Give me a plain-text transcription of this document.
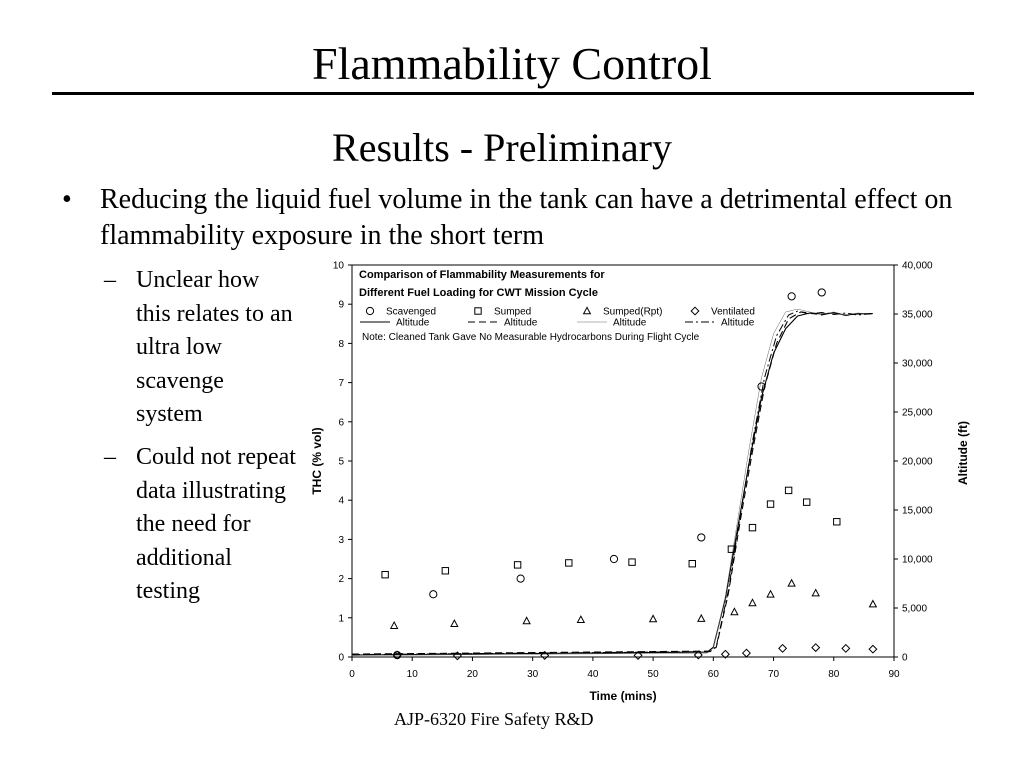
Flammability Control
Results - Preliminary
• Reducing the liquid fuel volume in the tank can have a detrimental effect on flammability exposure in the short term
– Unclear how this relates to an ultra low scavenge system
– Could not repeat data illustrating the need for additional testing
0	10	20	30	40	50	60	70	80	90
0
1
2
3
4
5
6
7
8
9
10
0
5,000
10,000
15,000
20,000
25,000
30,000
35,000
40,000
Time (mins)
THC (% vol)	Altitude (ft)
Comparison of Flammability Measurements for
Different Fuel Loading for CWT Mission Cycle
Scavenged	Sumped	Sumped(Rpt)	Ventilated
Altitude	Altitude	Altitude	Altitude
Note: Cleaned Tank Gave No Measurable Hydrocarbons During Flight Cycle
AJP-6320 Fire Safety R&D
